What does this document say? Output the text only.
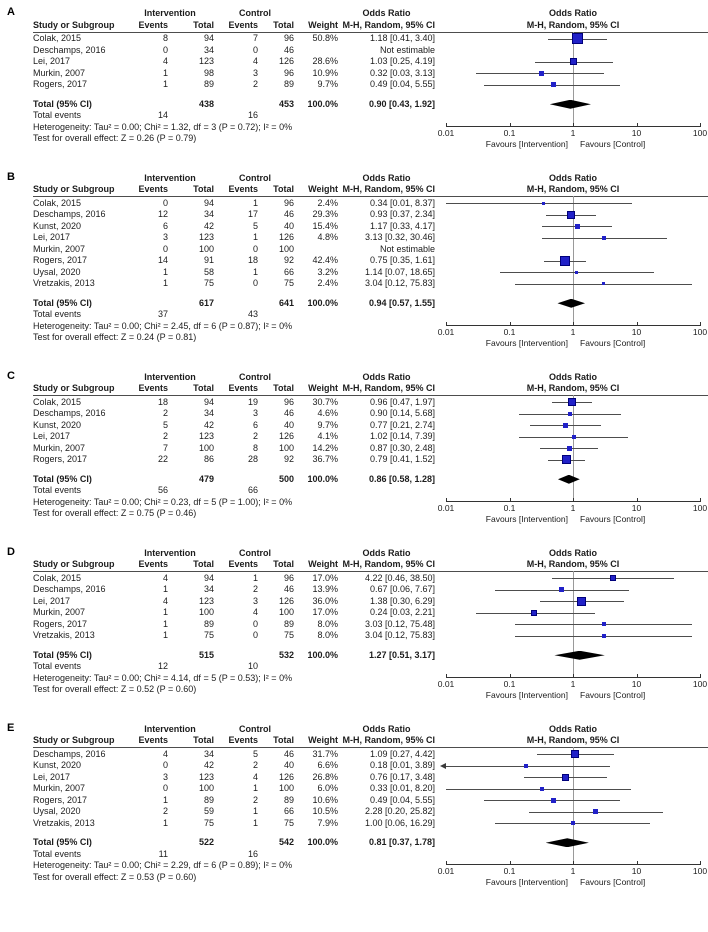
A	Intervention	Control	Odds Ratio
Study or Subgroup	Events	Total	Events	Total	Weight M-H, Random, 95% CI
Colak, 2015	8	94	7	96	50.8%	1.18 [0.41, 3.40]
Deschamps, 2016	0	34	0	46	Not estimable
Lei, 2017	4	123	4	126	28.6%	1.03 [0.25, 4.19]
Murkin, 2007	1	98	3	96	10.9%	0.32 [0.03, 3.13]
Rogers, 2017	1	89	2	89	9.7%	0.49 [0.04, 5.55]
Total (95% CI)	438	453	100.0%	0.90 [0.43, 1.92]
Total events	14	16
Heterogeneity: Tau² = 0.00; Chi² = 1.32, df = 3 (P = 0.72); I² = 0%
Test for overall effect: Z = 0.26 (P = 0.79)
Odds Ratio
M-H, Random, 95% CI
0.01	0.1	1	10	100
Favours [Intervention] Favours [Control]
B	Intervention	Control	Odds Ratio
Study or Subgroup	Events	Total	Events	Total	Weight M-H, Random, 95% CI
Colak, 2015	0	94	1	96	2.4%	0.34 [0.01, 8.37]
Deschamps, 2016	12	34	17	46	29.3%	0.93 [0.37, 2.34]
Kunst, 2020	6	42	5	40	15.4%	1.17 [0.33, 4.17]
Lei, 2017	3	123	1	126	4.8%	3.13 [0.32, 30.46]
Murkin, 2007	0	100	0	100	Not estimable
Rogers, 2017	14	91	18	92	42.4%	0.75 [0.35, 1.61]
Uysal, 2020	1	58	1	66	3.2%	1.14 [0.07, 18.65]
Vretzakis, 2013	1	75	0	75	2.4%	3.04 [0.12, 75.83]
Total (95% CI)	617	641	100.0%	0.94 [0.57, 1.55]
Total events	37	43
Heterogeneity: Tau² = 0.00; Chi² = 2.45, df = 6 (P = 0.87); I² = 0%
Test for overall effect: Z = 0.24 (P = 0.81)
Odds Ratio
M-H, Random, 95% CI
0.01	0.1	1	10	100
Favours [Intervention] Favours [Control]
C	Intervention	Control	Odds Ratio
Study or Subgroup	Events	Total	Events	Total	Weight M-H, Random, 95% CI
Colak, 2015	18	94	19	96	30.7%	0.96 [0.47, 1.97]
Deschamps, 2016	2	34	3	46	4.6%	0.90 [0.14, 5.68]
Kunst, 2020	5	42	6	40	9.7%	0.77 [0.21, 2.74]
Lei, 2017	2	123	2	126	4.1%	1.02 [0.14, 7.39]
Murkin, 2007	7	100	8	100	14.2%	0.87 [0.30, 2.48]
Rogers, 2017	22	86	28	92	36.7%	0.79 [0.41, 1.52]
Total (95% CI)	479	500	100.0%	0.86 [0.58, 1.28]
Total events	56	66
Heterogeneity: Tau² = 0.00; Chi² = 0.23, df = 5 (P = 1.00); I² = 0%
Test for overall effect: Z = 0.75 (P = 0.46)
Odds Ratio
M-H, Random, 95% CI
0.01	0.1	1	10	100
Favours [Intervention] Favours [Control]
D	Intervention	Control	Odds Ratio
Study or Subgroup	Events	Total	Events	Total	Weight M-H, Random, 95% CI
Colak, 2015	4	94	1	96	17.0%	4.22 [0.46, 38.50]
Deschamps, 2016	1	34	2	46	13.9%	0.67 [0.06, 7.67]
Lei, 2017	4	123	3	126	36.0%	1.38 [0.30, 6.29]
Murkin, 2007	1	100	4	100	17.0%	0.24 [0.03, 2.21]
Rogers, 2017	1	89	0	89	8.0%	3.03 [0.12, 75.48]
Vretzakis, 2013	1	75	0	75	8.0%	3.04 [0.12, 75.83]
Total (95% CI)	515	532	100.0%	1.27 [0.51, 3.17]
Total events	12	10
Heterogeneity: Tau² = 0.00; Chi² = 4.14, df = 5 (P = 0.53); I² = 0%
Test for overall effect: Z = 0.52 (P = 0.60)
Odds Ratio
M-H, Random, 95% CI
0.01	0.1	1	10	100
Favours [Intervention] Favours [Control]
E	Intervention	Control	Odds Ratio
Study or Subgroup	Events	Total	Events	Total	Weight M-H, Random, 95% CI
Deschamps, 2016	4	34	5	46	31.7%	1.09 [0.27, 4.42]
Kunst, 2020	0	42	2	40	6.6%	0.18 [0.01, 3.89]
Lei, 2017	3	123	4	126	26.8%	0.76 [0.17, 3.48]
Murkin, 2007	0	100	1	100	6.0%	0.33 [0.01, 8.20]
Rogers, 2017	1	89	2	89	10.6%	0.49 [0.04, 5.55]
Uysal, 2020	2	59	1	66	10.5%	2.28 [0.20, 25.82]
Vretzakis, 2013	1	75	1	75	7.9%	1.00 [0.06, 16.29]
Total (95% CI)	522	542	100.0%	0.81 [0.37, 1.78]
Total events	11	16
Heterogeneity: Tau² = 0.00; Chi² = 2.29, df = 6 (P = 0.89); I² = 0%
Test for overall effect: Z = 0.53 (P = 0.60)
Odds Ratio
M-H, Random, 95% CI
0.01	0.1	1	10	100
Favours [Intervention] Favours [Control]
